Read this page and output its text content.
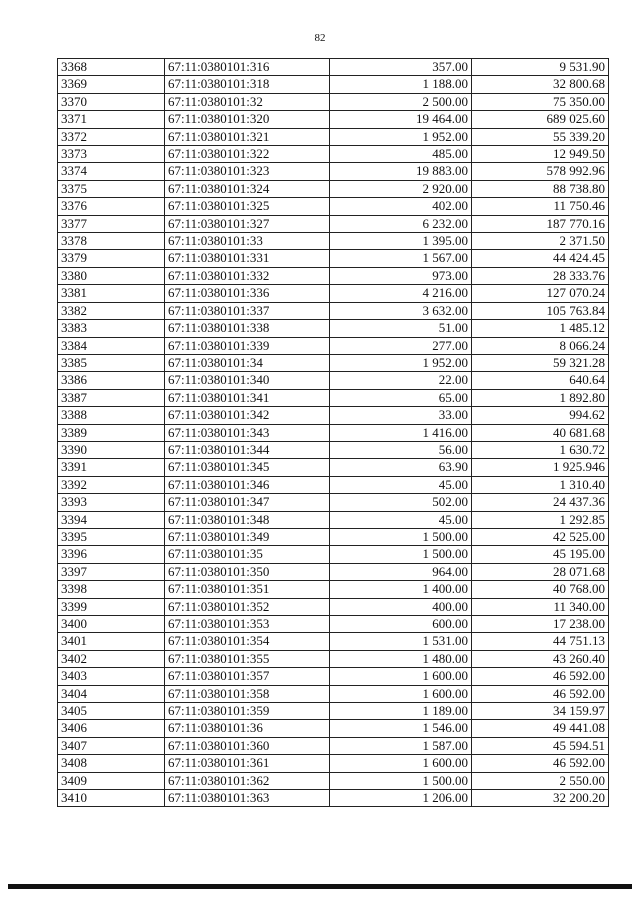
82
3368	67:11:0380101:316	357.00	9 531.90
3369	67:11:0380101:318	1 188.00	32 800.68
3370	67:11:0380101:32	2 500.00	75 350.00
3371	67:11:0380101:320	19 464.00	689 025.60
3372	67:11:0380101:321	1 952.00	55 339.20
3373	67:11:0380101:322	485.00	12 949.50
3374	67:11:0380101:323	19 883.00	578 992.96
3375	67:11:0380101:324	2 920.00	88 738.80
3376	67:11:0380101:325	402.00	11 750.46
3377	67:11:0380101:327	6 232.00	187 770.16
3378	67:11:0380101:33	1 395.00	2 371.50
3379	67:11:0380101:331	1 567.00	44 424.45
3380	67:11:0380101:332	973.00	28 333.76
3381	67:11:0380101:336	4 216.00	127 070.24
3382	67:11:0380101:337	3 632.00	105 763.84
3383	67:11:0380101:338	51.00	1 485.12
3384	67:11:0380101:339	277.00	8 066.24
3385	67:11:0380101:34	1 952.00	59 321.28
3386	67:11:0380101:340	22.00	640.64
3387	67:11:0380101:341	65.00	1 892.80
3388	67:11:0380101:342	33.00	994.62
3389	67:11:0380101:343	1 416.00	40 681.68
3390	67:11:0380101:344	56.00	1 630.72
3391	67:11:0380101:345	63.90	1 925.946
3392	67:11:0380101:346	45.00	1 310.40
3393	67:11:0380101:347	502.00	24 437.36
3394	67:11:0380101:348	45.00	1 292.85
3395	67:11:0380101:349	1 500.00	42 525.00
3396	67:11:0380101:35	1 500.00	45 195.00
3397	67:11:0380101:350	964.00	28 071.68
3398	67:11:0380101:351	1 400.00	40 768.00
3399	67:11:0380101:352	400.00	11 340.00
3400	67:11:0380101:353	600.00	17 238.00
3401	67:11:0380101:354	1 531.00	44 751.13
3402	67:11:0380101:355	1 480.00	43 260.40
3403	67:11:0380101:357	1 600.00	46 592.00
3404	67:11:0380101:358	1 600.00	46 592.00
3405	67:11:0380101:359	1 189.00	34 159.97
3406	67:11:0380101:36	1 546.00	49 441.08
3407	67:11:0380101:360	1 587.00	45 594.51
3408	67:11:0380101:361	1 600.00	46 592.00
3409	67:11:0380101:362	1 500.00	2 550.00
3410	67:11:0380101:363	1 206.00	32 200.20
